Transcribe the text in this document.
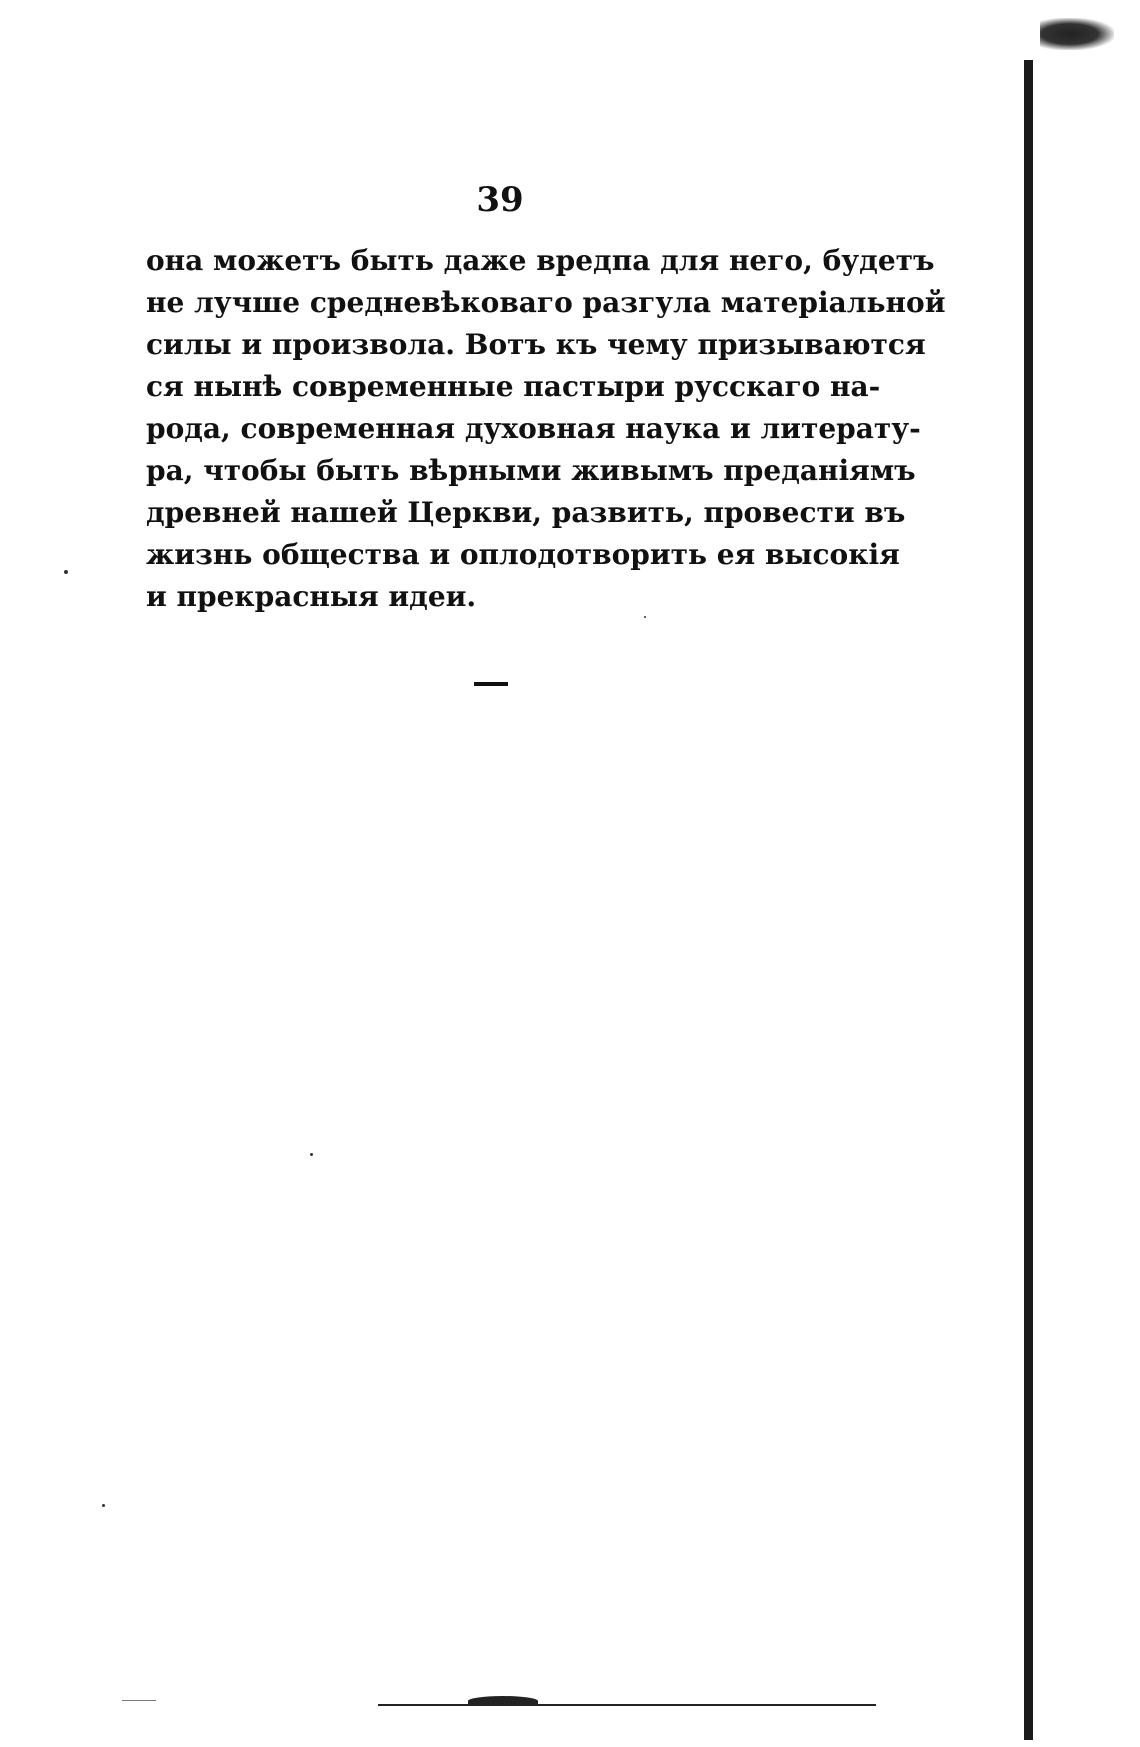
39
она можетъ быть даже вредпа для него, будетъ
не лучше средневѣковаго разгула матеріальной
силы и произвола. Вотъ къ чему призываются
ся нынѣ современные пастыри русскаго на-
рода, современная духовная наука и литерату-
ра, чтобы быть вѣрными живымъ преданіямъ
древней нашей Церкви, развить, провести въ
жизнь общества и оплодотворить ея высокія
и прекрасныя идеи.
